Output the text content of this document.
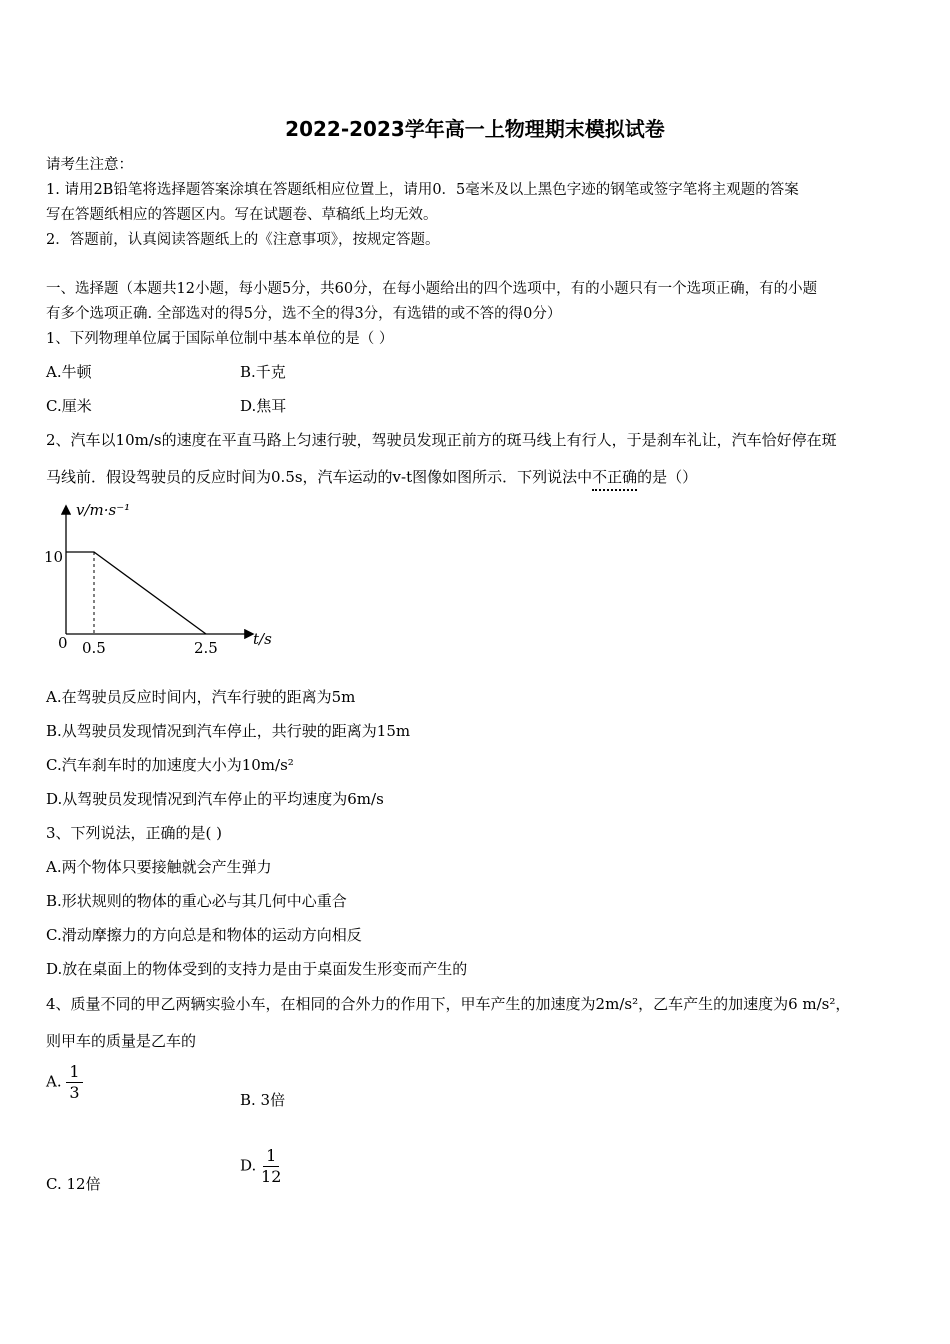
2022-2023学年高一上物理期末模拟试卷
请考生注意：
1. 请用2B铅笔将选择题答案涂填在答题纸相应位置上，请用0．5毫米及以上黑色字迹的钢笔或签字笔将主观题的答案
写在答题纸相应的答题区内。写在试题卷、草稿纸上均无效。
2．答题前，认真阅读答题纸上的《注意事项》，按规定答题。
一、选择题（本题共12小题，每小题5分，共60分，在每小题给出的四个选项中，有的小题只有一个选项正确，有的小题
有多个选项正确. 全部选对的得5分，选不全的得3分，有选错的或不答的得0分）
1、下列物理单位属于国际单位制中基本单位的是（ ）
A.牛顿	B.千克
C.厘米	D.焦耳
2、汽车以10m/s的速度在平直马路上匀速行驶，驾驶员发现正前方的斑马线上有行人，于是刹车礼让，汽车恰好停在斑
马线前．假设驾驶员的反应时间为0.5s，汽车运动的v-t图像如图所示．下列说法中不正确的是（）
v/m·s⁻¹
10
0 0.5	2.5 t/s
A.在驾驶员反应时间内，汽车行驶的距离为5m
B.从驾驶员发现情况到汽车停止，共行驶的距离为15m
C.汽车刹车时的加速度大小为10m/s²
D.从驾驶员发现情况到汽车停止的平均速度为6m/s
3、下列说法，正确的是( )
A.两个物体只要接触就会产生弹力
B.形状规则的物体的重心必与其几何中心重合
C.滑动摩擦力的方向总是和物体的运动方向相反
D.放在桌面上的物体受到的支持力是由于桌面发生形变而产生的
4、质量不同的甲乙两辆实验小车，在相同的合外力的作用下，甲车产生的加速度为2m/s²，乙车产生的加速度为6 m/s²，
则甲车的质量是乙车的
A. $\frac{1}{3}$	B. 3倍
C. 12倍
D. $\frac{1}{12}$
